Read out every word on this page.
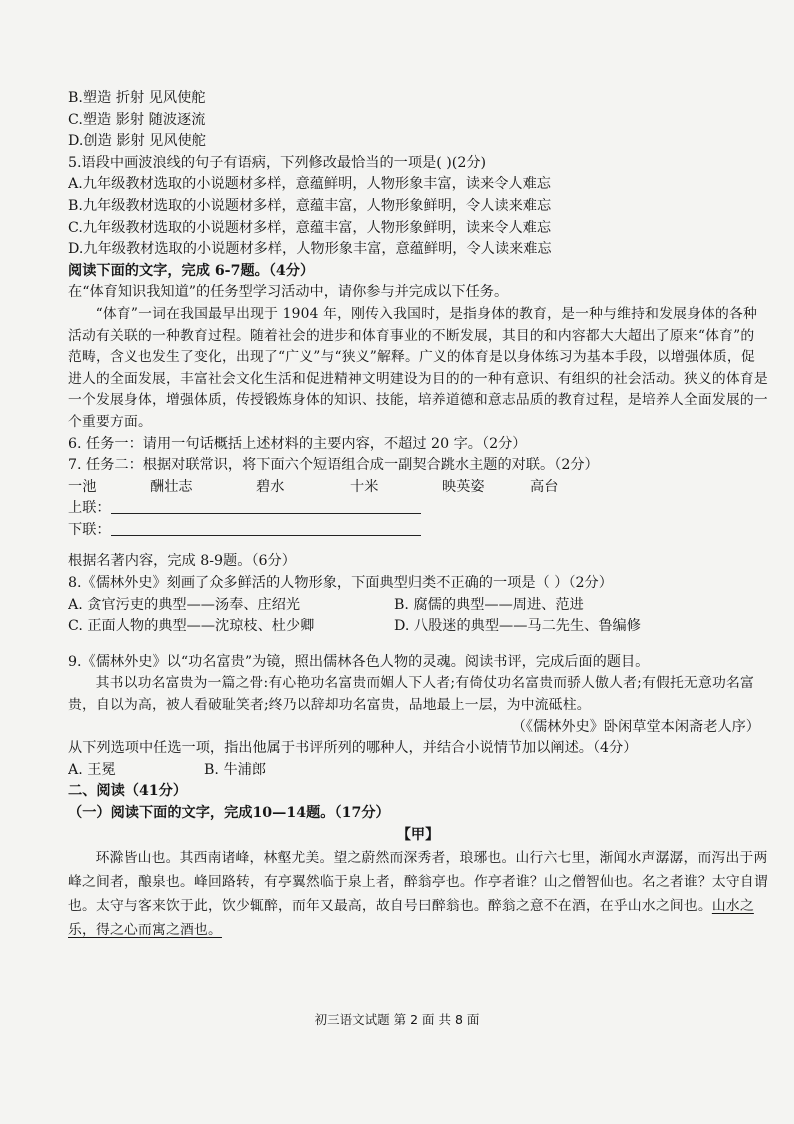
B.塑造 折射 见风使舵
C.塑造 影射 随波逐流
D.创造 影射 见风使舵
5.语段中画波浪线的句子有语病，下列修改最恰当的一项是( )(2分)
A.九年级教材选取的小说题材多样，意蕴鲜明，人物形象丰富，读来令人难忘
B.九年级教材选取的小说题材多样，意蕴丰富，人物形象鲜明，令人读来难忘
C.九年级教材选取的小说题材多样，意蕴丰富，人物形象鲜明，读来令人难忘
D.九年级教材选取的小说题材多样，人物形象丰富，意蕴鲜明，令人读来难忘
阅读下面的文字，完成 6-7题。（4分）
在“体育知识我知道”的任务型学习活动中，请你参与并完成以下任务。
“体育”一词在我国最早出现于 1904 年，刚传入我国时，是指身体的教育，是一种与维持和发展身体的各种活动有关联的一种教育过程。随着社会的进步和体育事业的不断发展，其目的和内容都大大超出了原来“体育”的范畴，含义也发生了变化，出现了“广义”与“狭义”解释。广义的体育是以身体练习为基本手段，以增强体质，促进人的全面发展，丰富社会文化生活和促进精神文明建设为目的的一种有意识、有组织的社会活动。狭义的体育是一个发展身体，增强体质，传授锻炼身体的知识、技能，培养道德和意志品质的教育过程，是培养人全面发展的一个重要方面。
6. 任务一：请用一句话概括上述材料的主要内容，不超过 20 字。（2分）
7. 任务二：根据对联常识，将下面六个短语组合成一副契合跳水主题的对联。（2分）
一池	酬壮志	碧水	十米	映英姿	高台
上联：
下联：
根据名著内容，完成 8-9题。（6分）
8.《儒林外史》刻画了众多鲜活的人物形象，下面典型归类不正确的一项是（ ）（2分）
A. 贪官污吏的典型——汤奉、庄绍光	B. 腐儒的典型——周进、范进
C. 正面人物的典型——沈琼枝、杜少卿	D. 八股迷的典型——马二先生、鲁编修
9.《儒林外史》以“功名富贵”为镜，照出儒林各色人物的灵魂。阅读书评，完成后面的题目。
其书以功名富贵为一篇之骨:有心艳功名富贵而媚人下人者;有倚仗功名富贵而骄人傲人者;有假托无意功名富贵，自以为高，被人看破耻笑者;终乃以辞却功名富贵，品地最上一层，为中流砥柱。
（《儒林外史》卧闲草堂本闲斋老人序）
从下列选项中任选一项，指出他属于书评所列的哪种人，并结合小说情节加以阐述。（4分）
A. 王冕	B. 牛浦郎
二、阅读（41分）
（一）阅读下面的文字，完成10—14题。（17分）
【甲】
环滁皆山也。其西南诸峰，林壑尤美。望之蔚然而深秀者，琅琊也。山行六七里，渐闻水声潺潺，而泻出于两峰之间者，酿泉也。峰回路转，有亭翼然临于泉上者，醉翁亭也。作亭者谁？山之僧智仙也。名之者谁？太守自谓也。太守与客来饮于此，饮少辄醉，而年又最高，故自号曰醉翁也。醉翁之意不在酒，在乎山水之间也。山水之乐，得之心而寓之酒也。
初三语文试题 第 2 面 共 8 面
